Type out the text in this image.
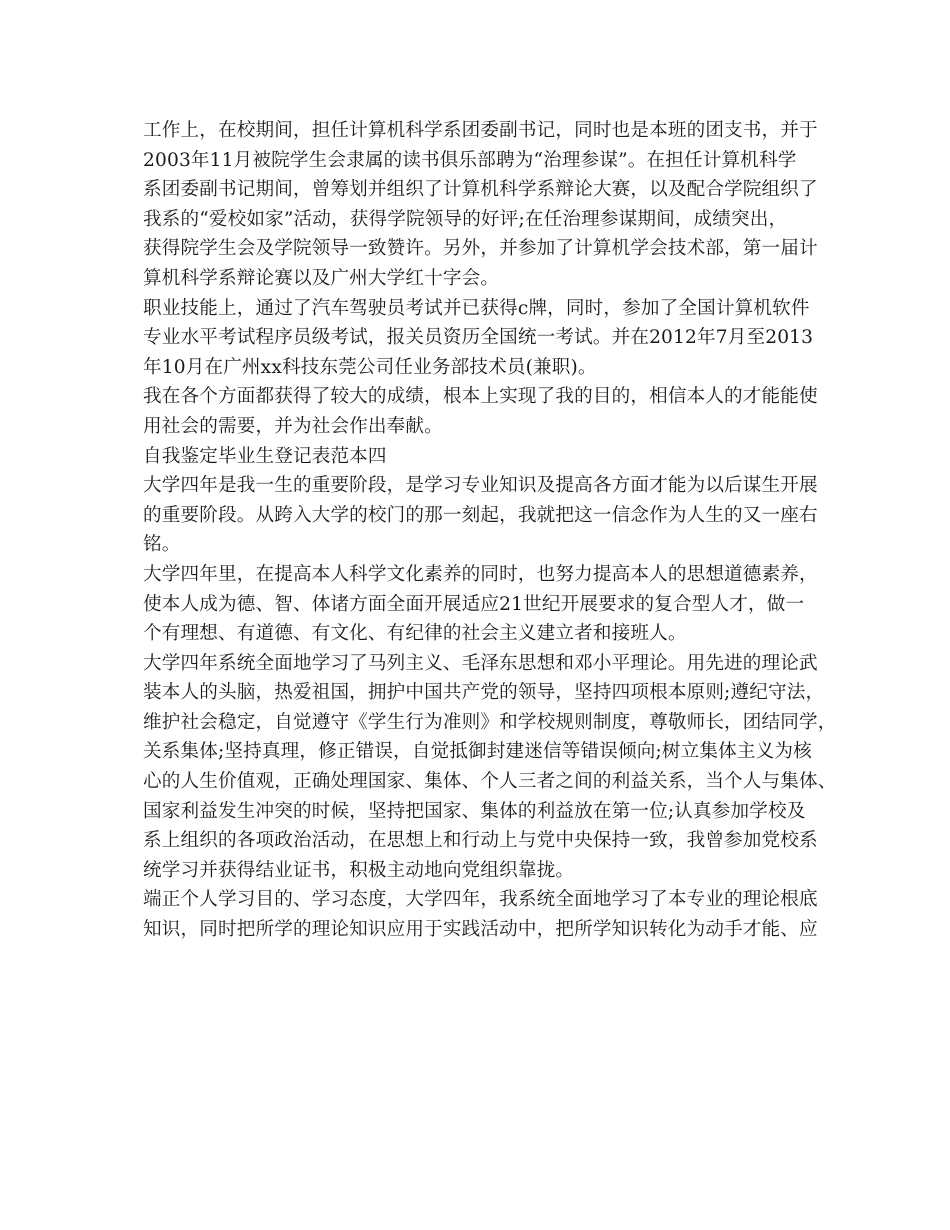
工作上，在校期间，担任计算机科学系团委副书记，同时也是本班的团支书，并于
2003年11月被院学生会隶属的读书俱乐部聘为“治理参谋”。在担任计算机科学
系团委副书记期间，曾筹划并组织了计算机科学系辩论大赛，以及配合学院组织了
我系的“爱校如家”活动，获得学院领导的好评;在任治理参谋期间，成绩突出，
获得院学生会及学院领导一致赞许。另外，并参加了计算机学会技术部，第一届计
算机科学系辩论赛以及广州大学红十字会。
职业技能上，通过了汽车驾驶员考试并已获得c牌，同时，参加了全国计算机软件
专业水平考试程序员级考试，报关员资历全国统一考试。并在2012年7月至2013
年10月在广州xx科技东莞公司任业务部技术员(兼职)。
我在各个方面都获得了较大的成绩，根本上实现了我的目的，相信本人的才能能使
用社会的需要，并为社会作出奉献。
自我鉴定毕业生登记表范本四
大学四年是我一生的重要阶段，是学习专业知识及提高各方面才能为以后谋生开展
的重要阶段。从跨入大学的校门的那一刻起，我就把这一信念作为人生的又一座右
铭。
大学四年里，在提高本人科学文化素养的同时，也努力提高本人的思想道德素养，
使本人成为德、智、体诸方面全面开展适应21世纪开展要求的复合型人才，做一
个有理想、有道德、有文化、有纪律的社会主义建立者和接班人。
大学四年系统全面地学习了马列主义、毛泽东思想和邓小平理论。用先进的理论武
装本人的头脑，热爱祖国，拥护中国共产党的领导，坚持四项根本原则;遵纪守法，
维护社会稳定，自觉遵守《学生行为准则》和学校规则制度，尊敬师长，团结同学，
关系集体;坚持真理，修正错误，自觉抵御封建迷信等错误倾向;树立集体主义为核
心的人生价值观，正确处理国家、集体、个人三者之间的利益关系，当个人与集体、
国家利益发生冲突的时候，坚持把国家、集体的利益放在第一位;认真参加学校及
系上组织的各项政治活动，在思想上和行动上与党中央保持一致，我曾参加党校系
统学习并获得结业证书，积极主动地向党组织靠拢。
端正个人学习目的、学习态度，大学四年，我系统全面地学习了本专业的理论根底
知识，同时把所学的理论知识应用于实践活动中，把所学知识转化为动手才能、应
